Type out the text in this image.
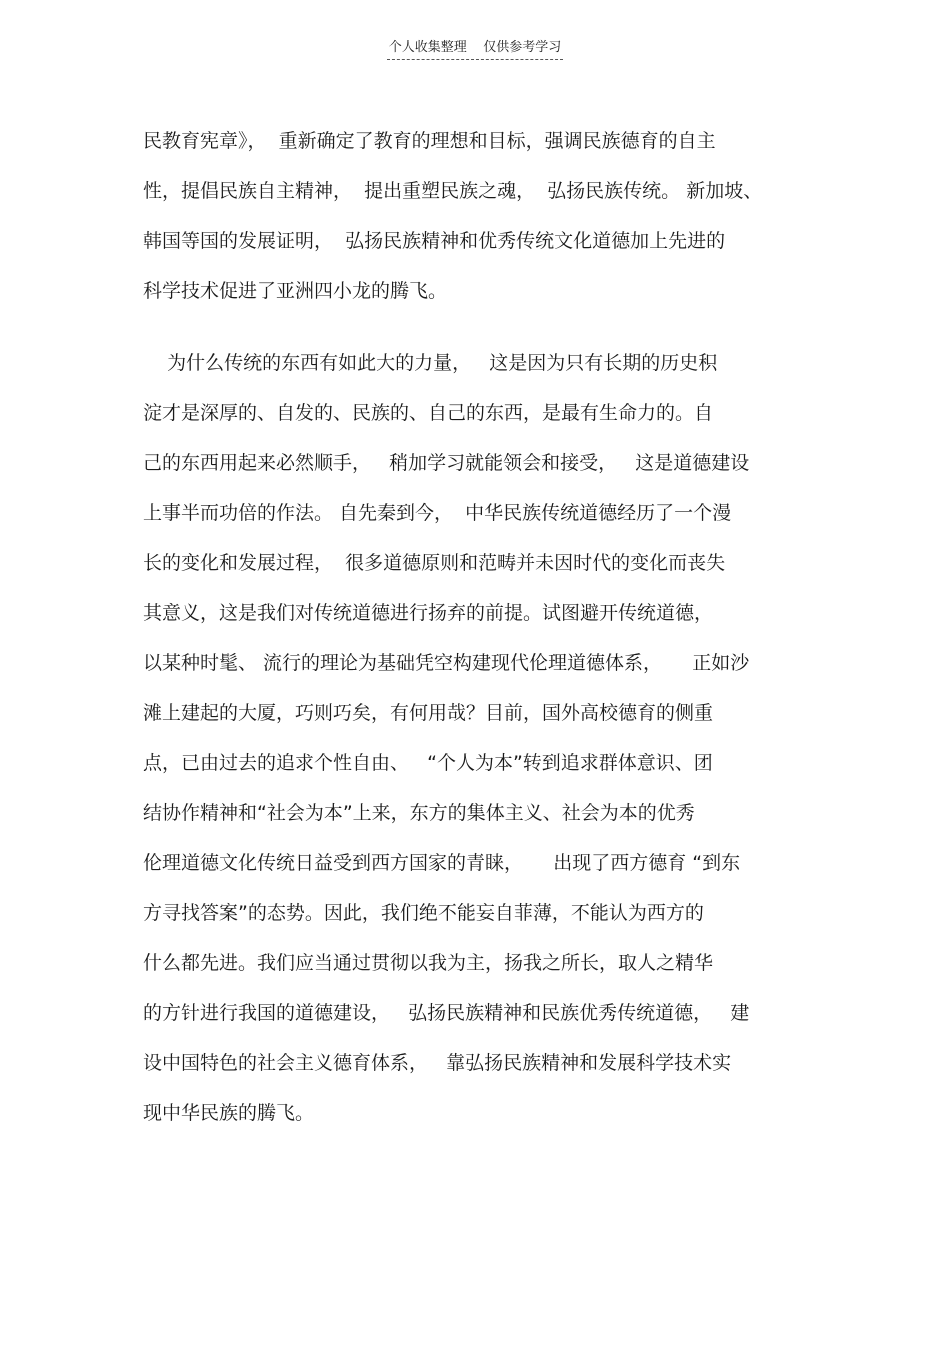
个人收集整理    仅供参考学习
民教育宪章》，  重新确定了教育的理想和目标，强调民族德育的自主
性，提倡民族自主精神，  提出重塑民族之魂，  弘扬民族传统。 新加坡、
韩国等国的发展证明，  弘扬民族精神和优秀传统文化道德加上先进的
科学技术促进了亚洲四小龙的腾飞。
为什么传统的东西有如此大的力量，   这是因为只有长期的历史积
淀才是深厚的、自发的、民族的、自己的东西，是最有生命力的。自
己的东西用起来必然顺手，   稍加学习就能领会和接受，   这是道德建设
上事半而功倍的作法。 自先秦到今，  中华民族传统道德经历了一个漫
长的变化和发展过程，  很多道德原则和范畴并未因时代的变化而丧失
其意义，这是我们对传统道德进行扬弃的前提。试图避开传统道德，
以某种时髦、 流行的理论为基础凭空构建现代伦理道德体系，     正如沙
滩上建起的大厦，巧则巧矣，有何用哉？目前，国外高校德育的侧重
点，已由过去的追求个性自由、   “个人为本”转到追求群体意识、团
结协作精神和“社会为本”上来，东方的集体主义、社会为本的优秀
伦理道德文化传统日益受到西方国家的青睐，     出现了西方德育 “到东
方寻找答案”的态势。因此，我们绝不能妄自菲薄，不能认为西方的
什么都先进。我们应当通过贯彻以我为主，扬我之所长，取人之精华
的方针进行我国的道德建设，   弘扬民族精神和民族优秀传统道德，   建
设中国特色的社会主义德育体系，   靠弘扬民族精神和发展科学技术实
现中华民族的腾飞。
